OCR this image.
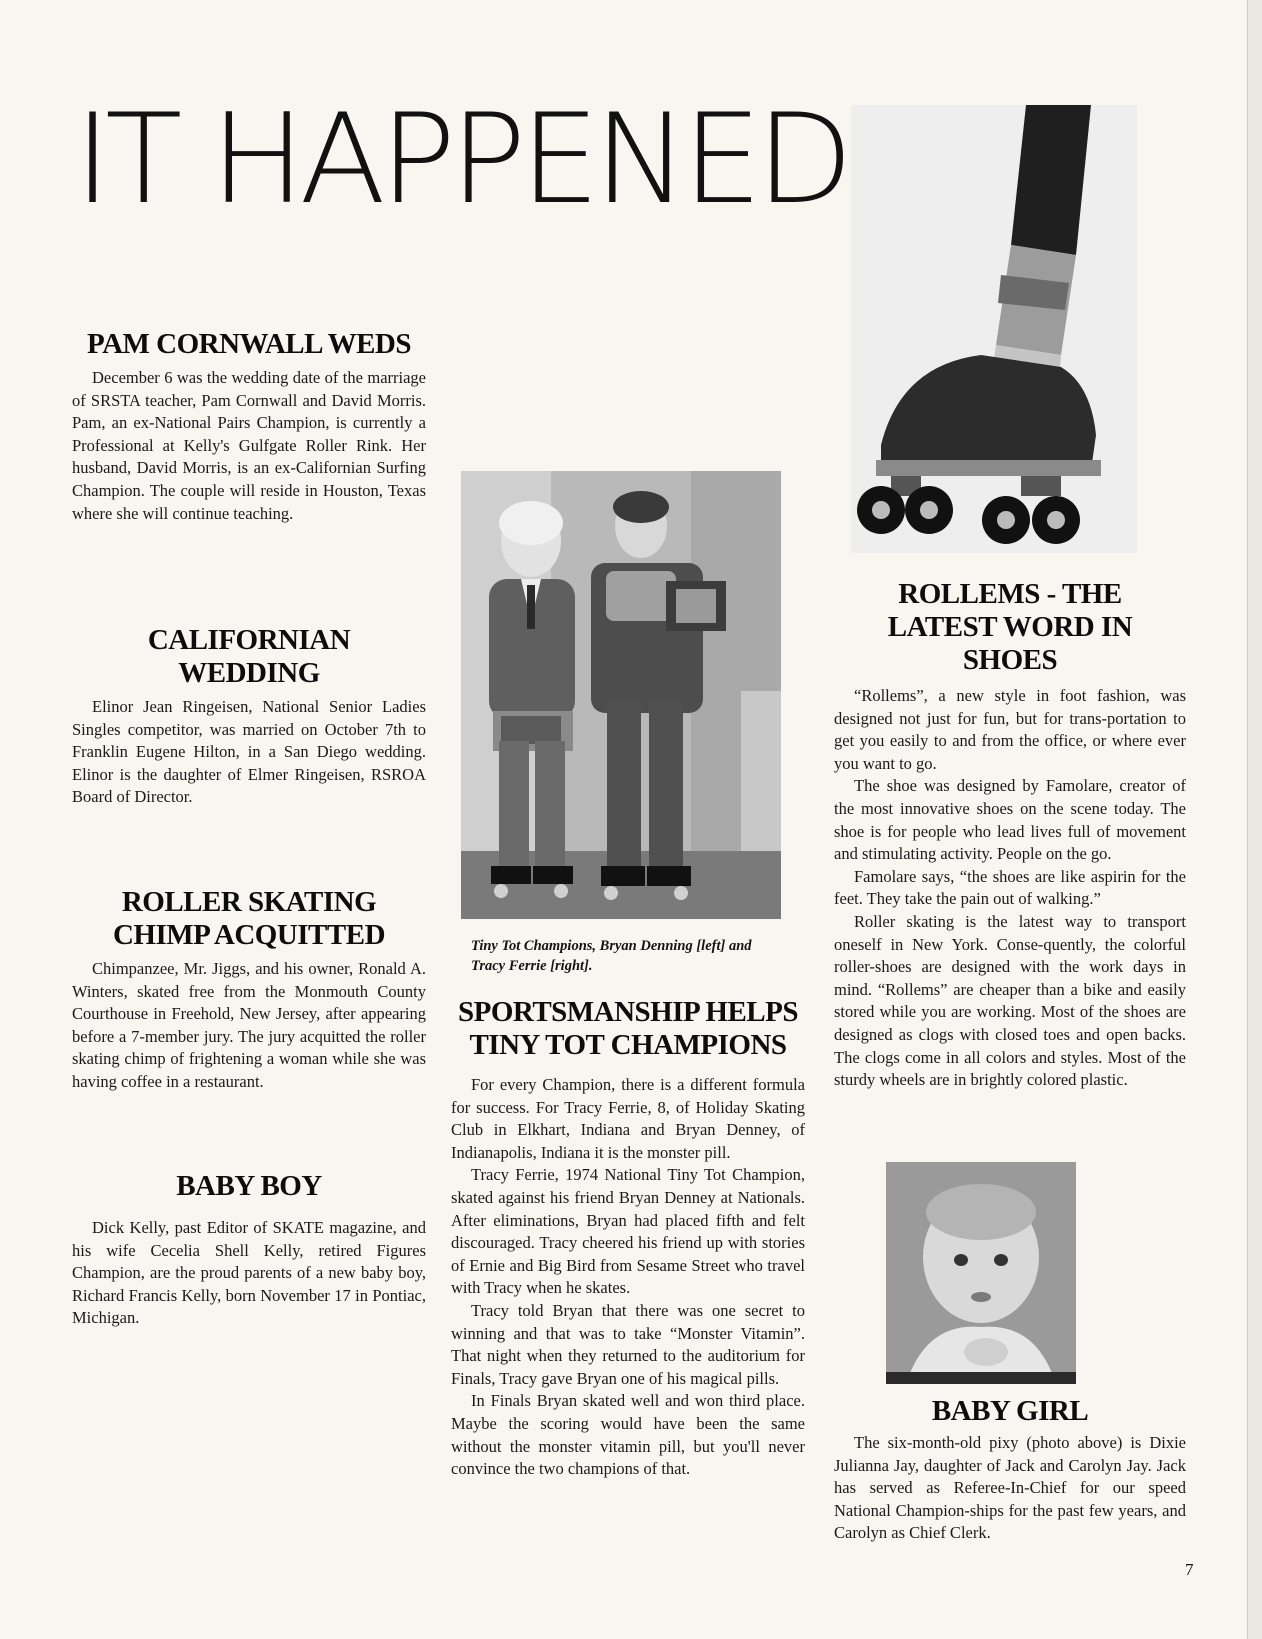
IT HAPPENED
PAM CORNWALL WEDS

December 6 was the wedding date of the marriage of SRSTA teacher, Pam Cornwall and David Morris. Pam, an ex-National Pairs Champion, is currently a Professional at Kelly's Gulfgate Roller Rink. Her husband, David Morris, is an ex-Californian Surfing Champion. The couple will reside in Houston, Texas where she will continue teaching.

CALIFORNIAN WEDDING

Elinor Jean Ringeisen, National Senior Ladies Singles competitor, was married on October 7th to Franklin Eugene Hilton, in a San Diego wedding. Elinor is the daughter of Elmer Ringeisen, RSROA Board of Director.

ROLLER SKATING CHIMP ACQUITTED

Chimpanzee, Mr. Jiggs, and his owner, Ronald A. Winters, skated free from the Monmouth County Courthouse in Freehold, New Jersey, after appearing before a 7-member jury. The jury acquitted the roller skating chimp of frightening a woman while she was having coffee in a restaurant.

BABY BOY

Dick Kelly, past Editor of SKATE magazine, and his wife Cecelia Shell Kelly, retired Figures Champion, are the proud parents of a new baby boy, Richard Francis Kelly, born November 17 in Pontiac, Michigan.

Tiny Tot Champions, Bryan Denning [left] and Tracy Ferrie [right].

SPORTSMANSHIP HELPS TINY TOT CHAMPIONS

For every Champion, there is a different formula for success. For Tracy Ferrie, 8, of Holiday Skating Club in Elkhart, Indiana and Bryan Denney, of Indianapolis, Indiana it is the monster pill.

Tracy Ferrie, 1974 National Tiny Tot Champion, skated against his friend Bryan Denney at Nationals. After eliminations, Bryan had placed fifth and felt discouraged. Tracy cheered his friend up with stories of Ernie and Big Bird from Sesame Street who travel with Tracy when he skates.

Tracy told Bryan that there was one secret to winning and that was to take “Monster Vitamin”. That night when they returned to the auditorium for Finals, Tracy gave Bryan one of his magical pills.

In Finals Bryan skated well and won third place. Maybe the scoring would have been the same without the monster vitamin pill, but you'll never convince the two champions of that.

ROLLEMS - THE LATEST WORD IN SHOES

“Rollems”, a new style in foot fashion, was designed not just for fun, but for trans-portation to get you easily to and from the office, or where ever you want to go.

The shoe was designed by Famolare, creator of the most innovative shoes on the scene today. The shoe is for people who lead lives full of movement and stimulating activity. People on the go.

Famolare says, “the shoes are like aspirin for the feet. They take the pain out of walking.”

Roller skating is the latest way to transport oneself in New York. Conse-quently, the colorful roller-shoes are designed with the work days in mind. “Rollems” are cheaper than a bike and easily stored while you are working. Most of the shoes are designed as clogs with closed toes and open backs. The clogs come in all colors and styles. Most of the sturdy wheels are in brightly colored plastic.

BABY GIRL

The six-month-old pixy (photo above) is Dixie Julianna Jay, daughter of Jack and Carolyn Jay. Jack has served as Referee-In-Chief for our speed National Champion-ships for the past few years, and Carolyn as Chief Clerk.

7
